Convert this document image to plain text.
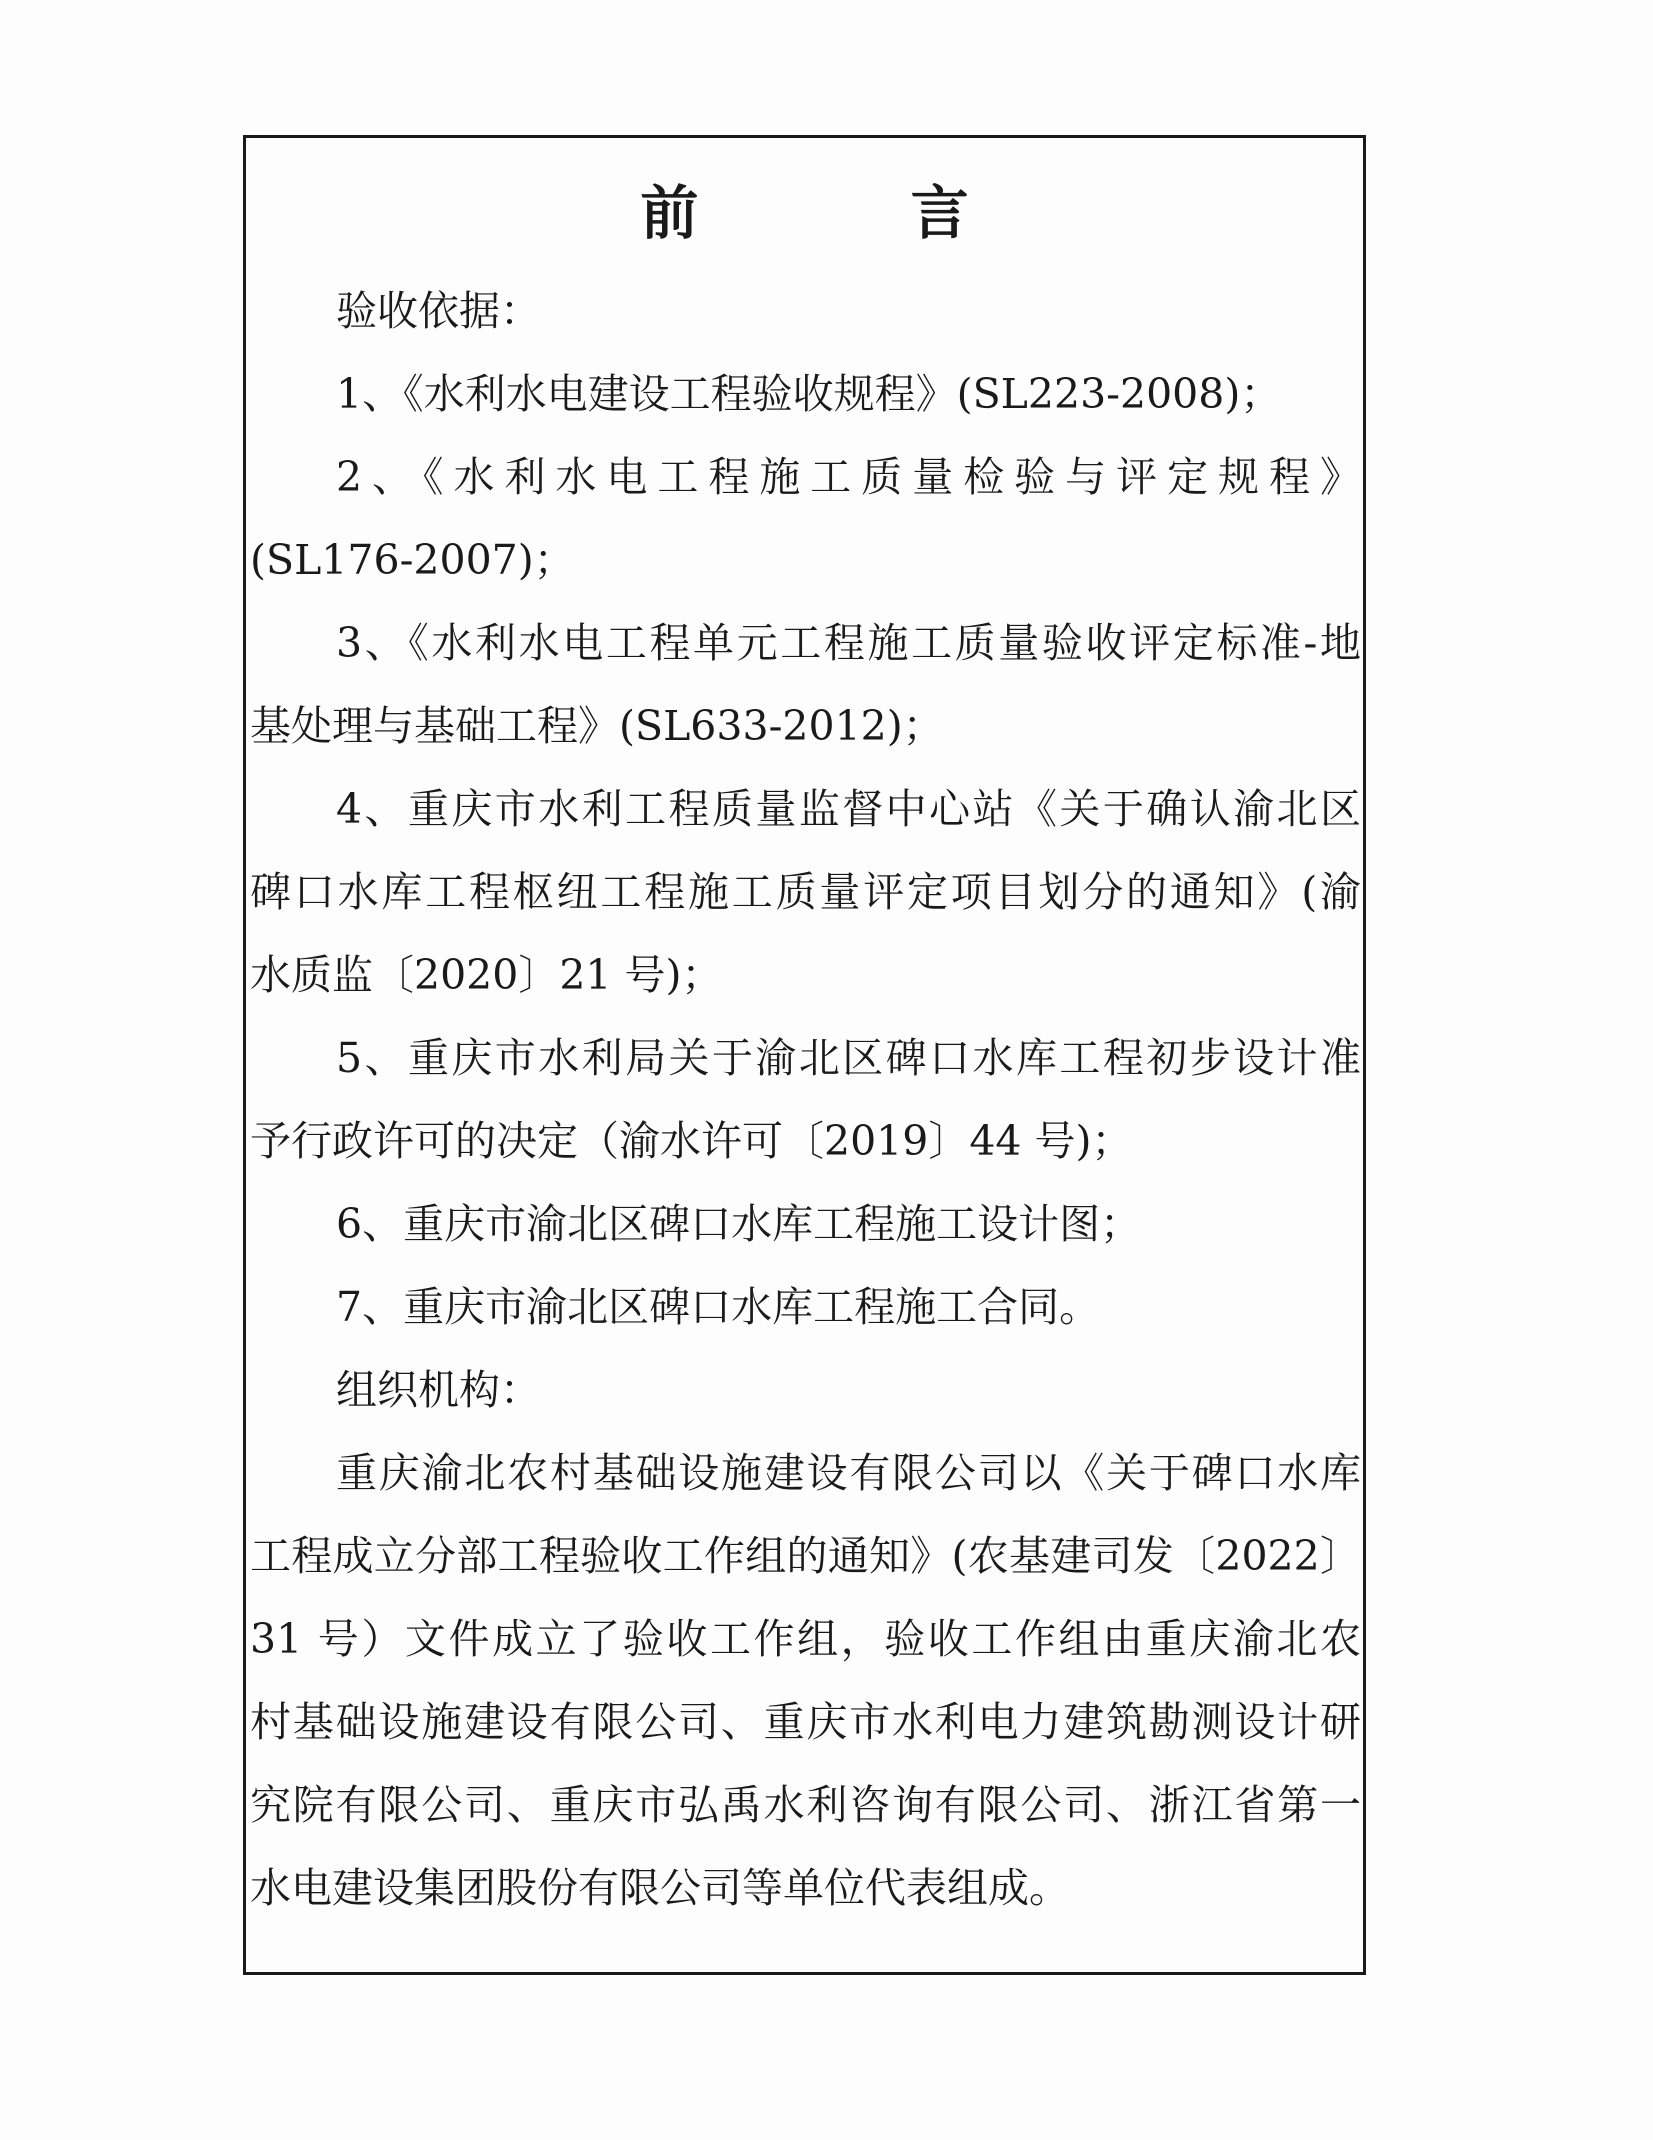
前 言
验收依据：
1、《水利水电建设工程验收规程》(SL223-2008)；
2、《水利水电工程施工质量检验与评定规程》
(SL176-2007)；
3、《水利水电工程单元工程施工质量验收评定标准-地
基处理与基础工程》(SL633-2012)；
4、重庆市水利工程质量监督中心站《关于确认渝北区
碑口水库工程枢纽工程施工质量评定项目划分的通知》(渝
水质监〔2020〕21 号)；
5、重庆市水利局关于渝北区碑口水库工程初步设计准
予行政许可的决定（渝水许可〔2019〕44 号)；
6、重庆市渝北区碑口水库工程施工设计图；
7、重庆市渝北区碑口水库工程施工合同。
组织机构：
重庆渝北农村基础设施建设有限公司以《关于碑口水库
工程成立分部工程验收工作组的通知》(农基建司发〔2022〕
31 号）文件成立了验收工作组，验收工作组由重庆渝北农
村基础设施建设有限公司、重庆市水利电力建筑勘测设计研
究院有限公司、重庆市弘禹水利咨询有限公司、浙江省第一
水电建设集团股份有限公司等单位代表组成。
